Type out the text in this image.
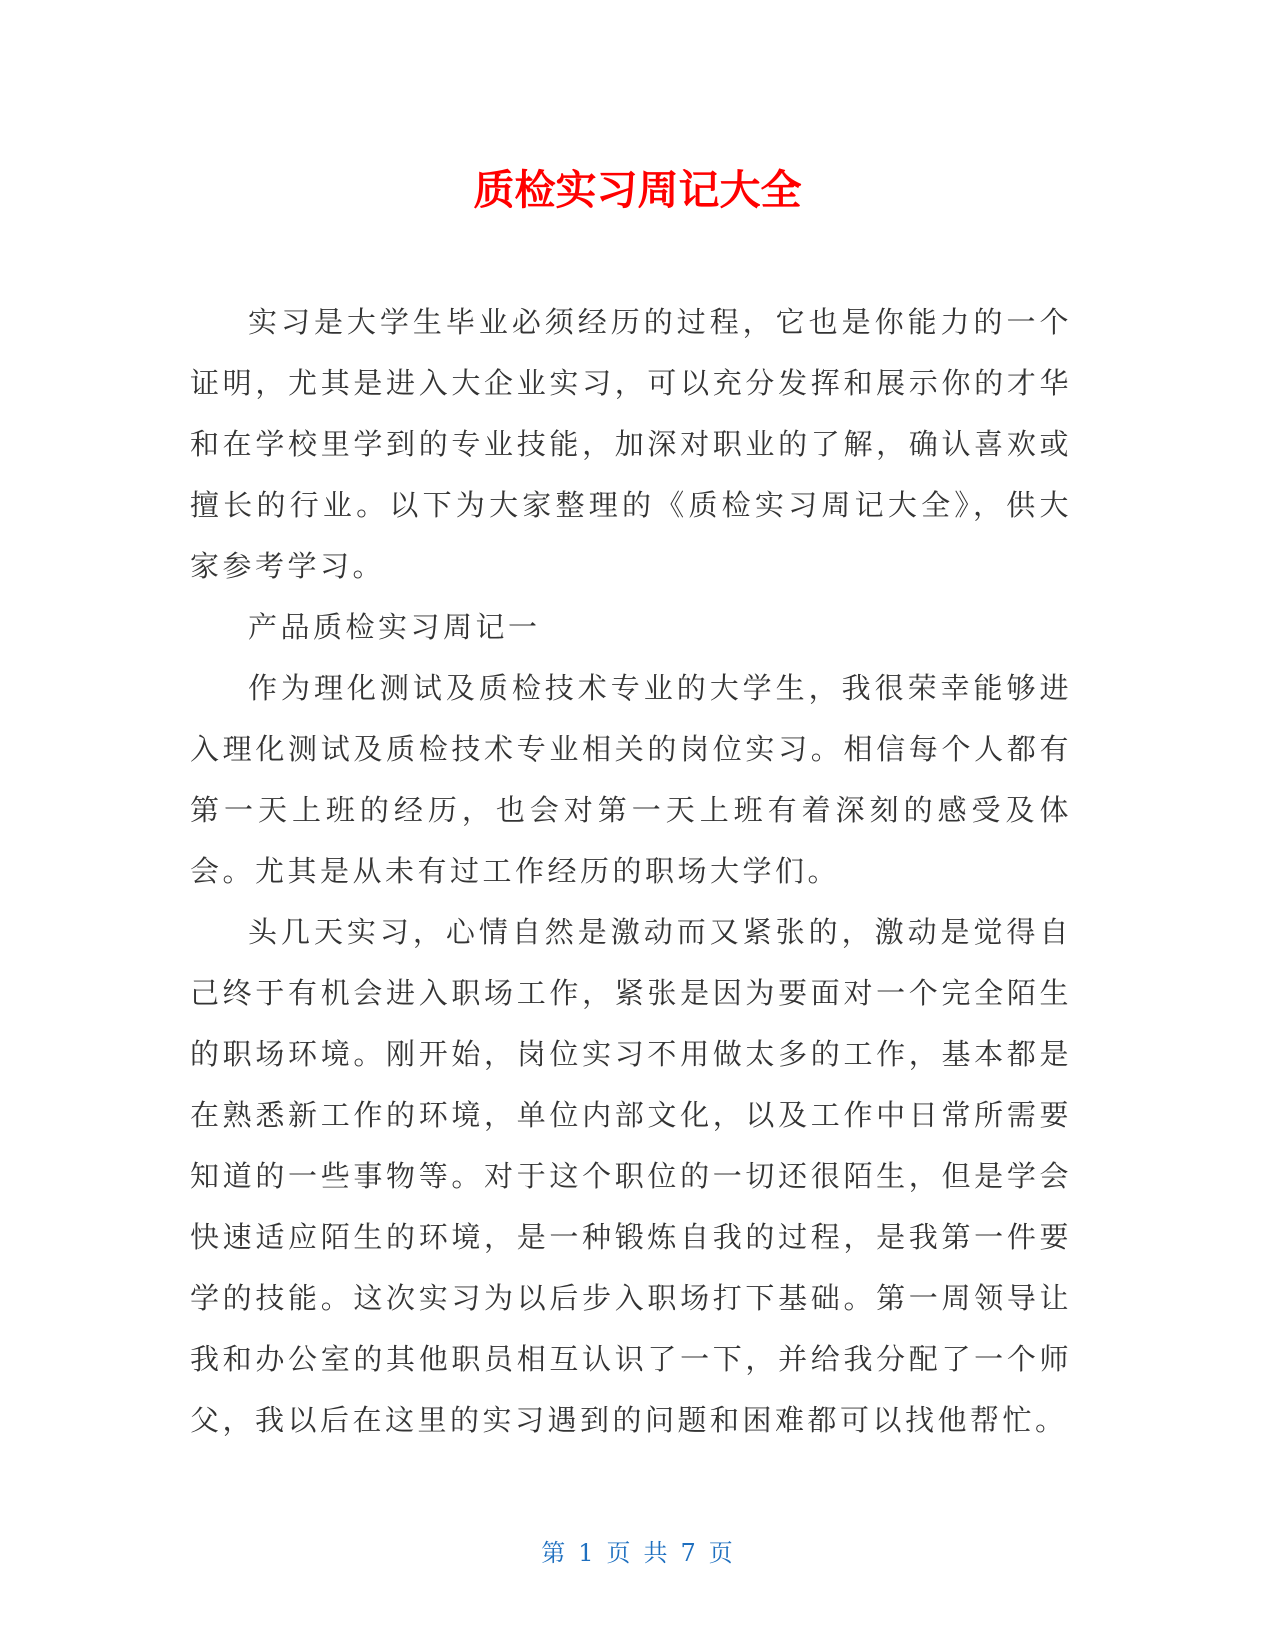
质检实习周记大全

实习是大学生毕业必须经历的过程，它也是你能力的一个证明，尤其是进入大企业实习，可以充分发挥和展示你的才华和在学校里学到的专业技能，加深对职业的了解，确认喜欢或擅长的行业。以下为大家整理的《质检实习周记大全》，供大家参考学习。

产品质检实习周记一

作为理化测试及质检技术专业的大学生，我很荣幸能够进入理化测试及质检技术专业相关的岗位实习。相信每个人都有第一天上班的经历，也会对第一天上班有着深刻的感受及体会。尤其是从未有过工作经历的职场大学们。

头几天实习，心情自然是激动而又紧张的，激动是觉得自己终于有机会进入职场工作，紧张是因为要面对一个完全陌生的职场环境。刚开始，岗位实习不用做太多的工作，基本都是在熟悉新工作的环境，单位内部文化，以及工作中日常所需要知道的一些事物等。对于这个职位的一切还很陌生，但是学会快速适应陌生的环境，是一种锻炼自我的过程，是我第一件要学的技能。这次实习为以后步入职场打下基础。第一周领导让我和办公室的其他职员相互认识了一下，并给我分配了一个师父，我以后在这里的实习遇到的问题和困难都可以找他帮忙。

第 1 页 共 7 页
